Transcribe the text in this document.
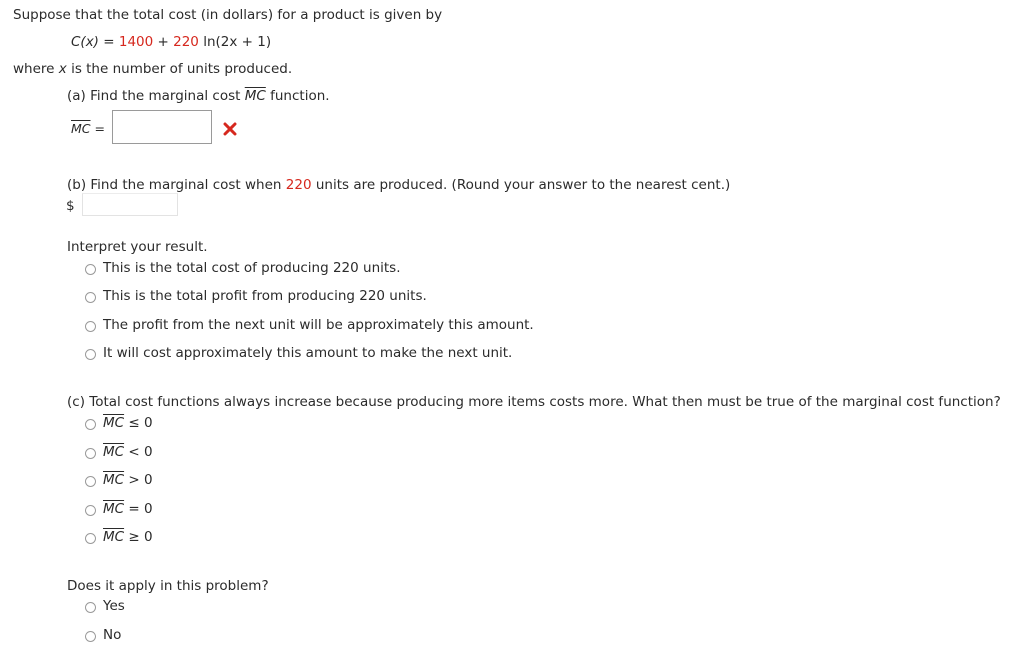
Suppose that the total cost (in dollars) for a product is given by
C(x) = 1400 + 220 ln(2x + 1)
where x is the number of units produced.
(a) Find the marginal cost $\overline{MC}$ function.
$\overline{MC}$ =
(b) Find the marginal cost when 220 units are produced. (Round your answer to the nearest cent.)
$
Interpret your result.
This is the total cost of producing 220 units.
This is the total profit from producing 220 units.
The profit from the next unit will be approximately this amount.
It will cost approximately this amount to make the next unit.
(c) Total cost functions always increase because producing more items costs more. What then must be true of the marginal cost function?
$\overline{MC} \le 0$
$\overline{MC} < 0$
$\overline{MC} > 0$
$\overline{MC} = 0$
$\overline{MC} \ge 0$
Does it apply in this problem?
Yes
No
